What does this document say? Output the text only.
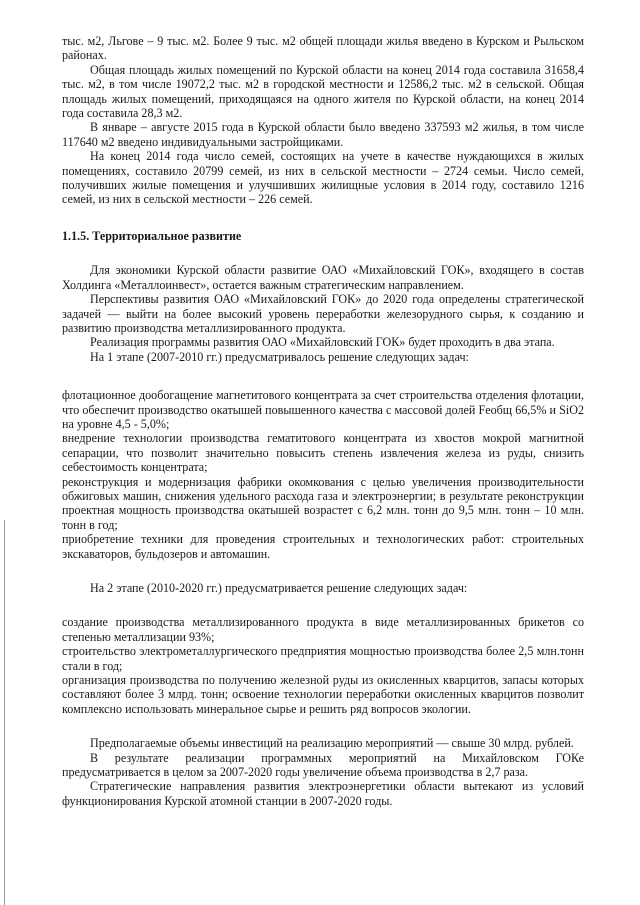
тыс. м2, Льгове – 9 тыс. м2. Более 9 тыс. м2 общей площади жилья введено в Курском и Рыльском районах.

Общая площадь жилых помещений по Курской области на конец 2014 года составила 31658,4 тыс. м2, в том числе 19072,2 тыс. м2 в городской местности и 12586,2 тыс. м2 в сельской. Общая площадь жилых помещений, приходящаяся на одного жителя по Курской области, на конец 2014 года составила 28,3 м2.

В январе – августе 2015 года в Курской области было введено 337593 м2 жилья, в том числе 117640 м2 введено индивидуальными застройщиками.

На конец 2014 года число семей, состоящих на учете в качестве нуждающихся в жилых помещениях, составило 20799 семей, из них в сельской местности – 2724 семьи. Число семей, получивших жилые помещения и улучшивших жилищные условия в 2014 году, составило 1216 семей, из них в сельской местности – 226 семей.

1.1.5. Территориальное развитие

Для экономики Курской области развитие ОАО «Михайловский ГОК», входящего в состав Холдинга «Металлоинвест», остается важным стратегическим направлением.

Перспективы развития ОАО «Михайловский ГОК» до 2020 года определены стратегической задачей — выйти на более высокий уровень переработки железорудного сырья, к созданию и развитию производства металлизированного продукта.

Реализация программы развития ОАО «Михайловский ГОК» будет проходить в два этапа.

На 1 этапе (2007-2010 гг.) предусматривалось решение следующих задач:

флотационное дообогащение магнетитового концентрата за счет строительства отделения флотации, что обеспечит производство окатышей повышенного качества с массовой долей Feобщ 66,5% и SiO2 на уровне 4,5 - 5,0%;

внедрение технологии производства гематитового концентрата из хвостов мокрой магнитной сепарации, что позволит значительно повысить степень извлечения железа из руды, снизить себестоимость концентрата;

реконструкция и модернизация фабрики окомкования с целью увеличения производительности обжиговых машин, снижения удельного расхода газа и электроэнергии; в результате реконструкции проектная мощность производства окатышей возрастет с 6,2 млн. тонн до 9,5 млн. тонн – 10 млн. тонн в год;

приобретение техники для проведения строительных и технологических работ: строительных экскаваторов, бульдозеров и автомашин.

На 2 этапе (2010-2020 гг.) предусматривается решение следующих задач:

создание производства металлизированного продукта в виде металлизированных брикетов со степенью металлизации 93%;

строительство электрометаллургического предприятия мощностью производства более 2,5 млн.тонн стали в год;

организация производства по получению железной руды из окисленных кварцитов, запасы которых составляют более 3 млрд. тонн; освоение технологии переработки окисленных кварцитов позволит комплексно использовать минеральное сырье и решить ряд вопросов экологии.

Предполагаемые объемы инвестиций на реализацию мероприятий — свыше 30 млрд. рублей.

В результате реализации программных мероприятий на Михайловском ГОКе предусматривается в целом за 2007-2020 годы увеличение объема производства в 2,7 раза.

Стратегические направления развития электроэнергетики области вытекают из условий функционирования Курской атомной станции в 2007-2020 годы.
